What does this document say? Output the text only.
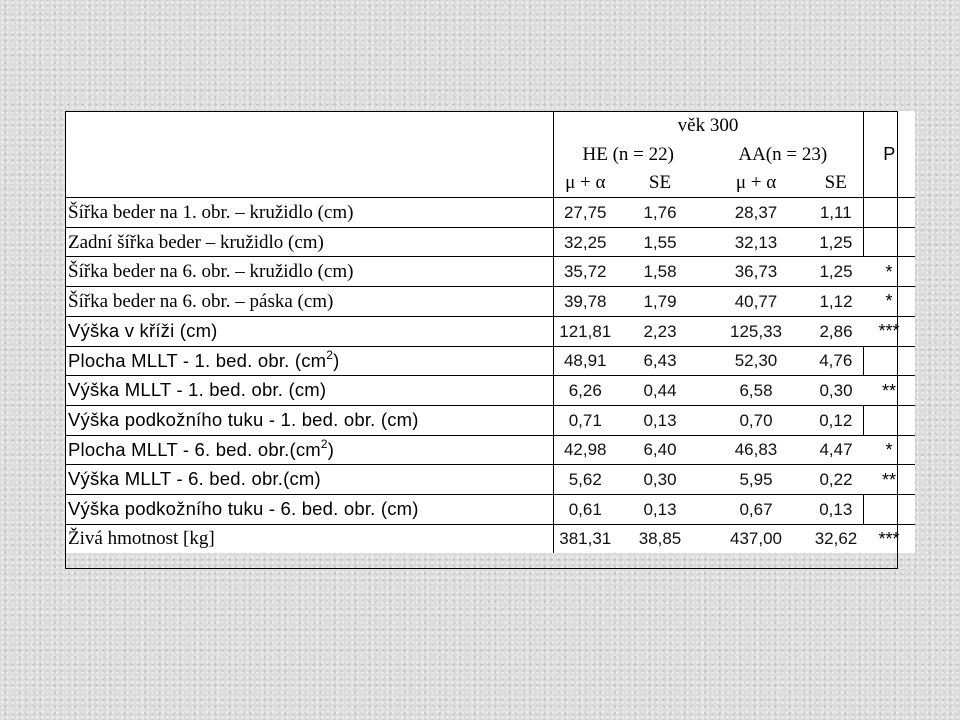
	věk 300				P
	HE (n = 22)		AA(n = 23)		
	μ + α	SE	μ + α	SE	
Šířka beder na 1. obr. – kružidlo (cm)	27,75	1,76	28,37	1,11	
Zadní šířka beder – kružidlo (cm)	32,25	1,55	32,13	1,25	
Šířka beder na 6. obr. – kružidlo (cm)	35,72	1,58	36,73	1,25	*
Šířka beder na 6. obr. – páska (cm)	39,78	1,79	40,77	1,12	*
Výška v kříži (cm)	121,81	2,23	125,33	2,86	***
Plocha MLLT - 1. bed. obr. $(cm^2)$	48,91	6,43	52,30	4,76	
Výška MLLT - 1. bed. obr. (cm)	6,26	0,44	6,58	0,30	**
Výška podkožního tuku - 1. bed. obr. (cm)	0,71	0,13	0,70	0,12	
Plocha MLLT - 6. bed. $obr.(cm^2)$	42,98	6,40	46,83	4,47	*
Výška MLLT - 6. bed. obr.(cm)	5,62	0,30	5,95	0,22	**
Výška podkožního tuku - 6. bed. obr. (cm)	0,61	0,13	0,67	0,13	
Živá hmotnost [kg]	381,31	38,85	437,00	32,62	***
